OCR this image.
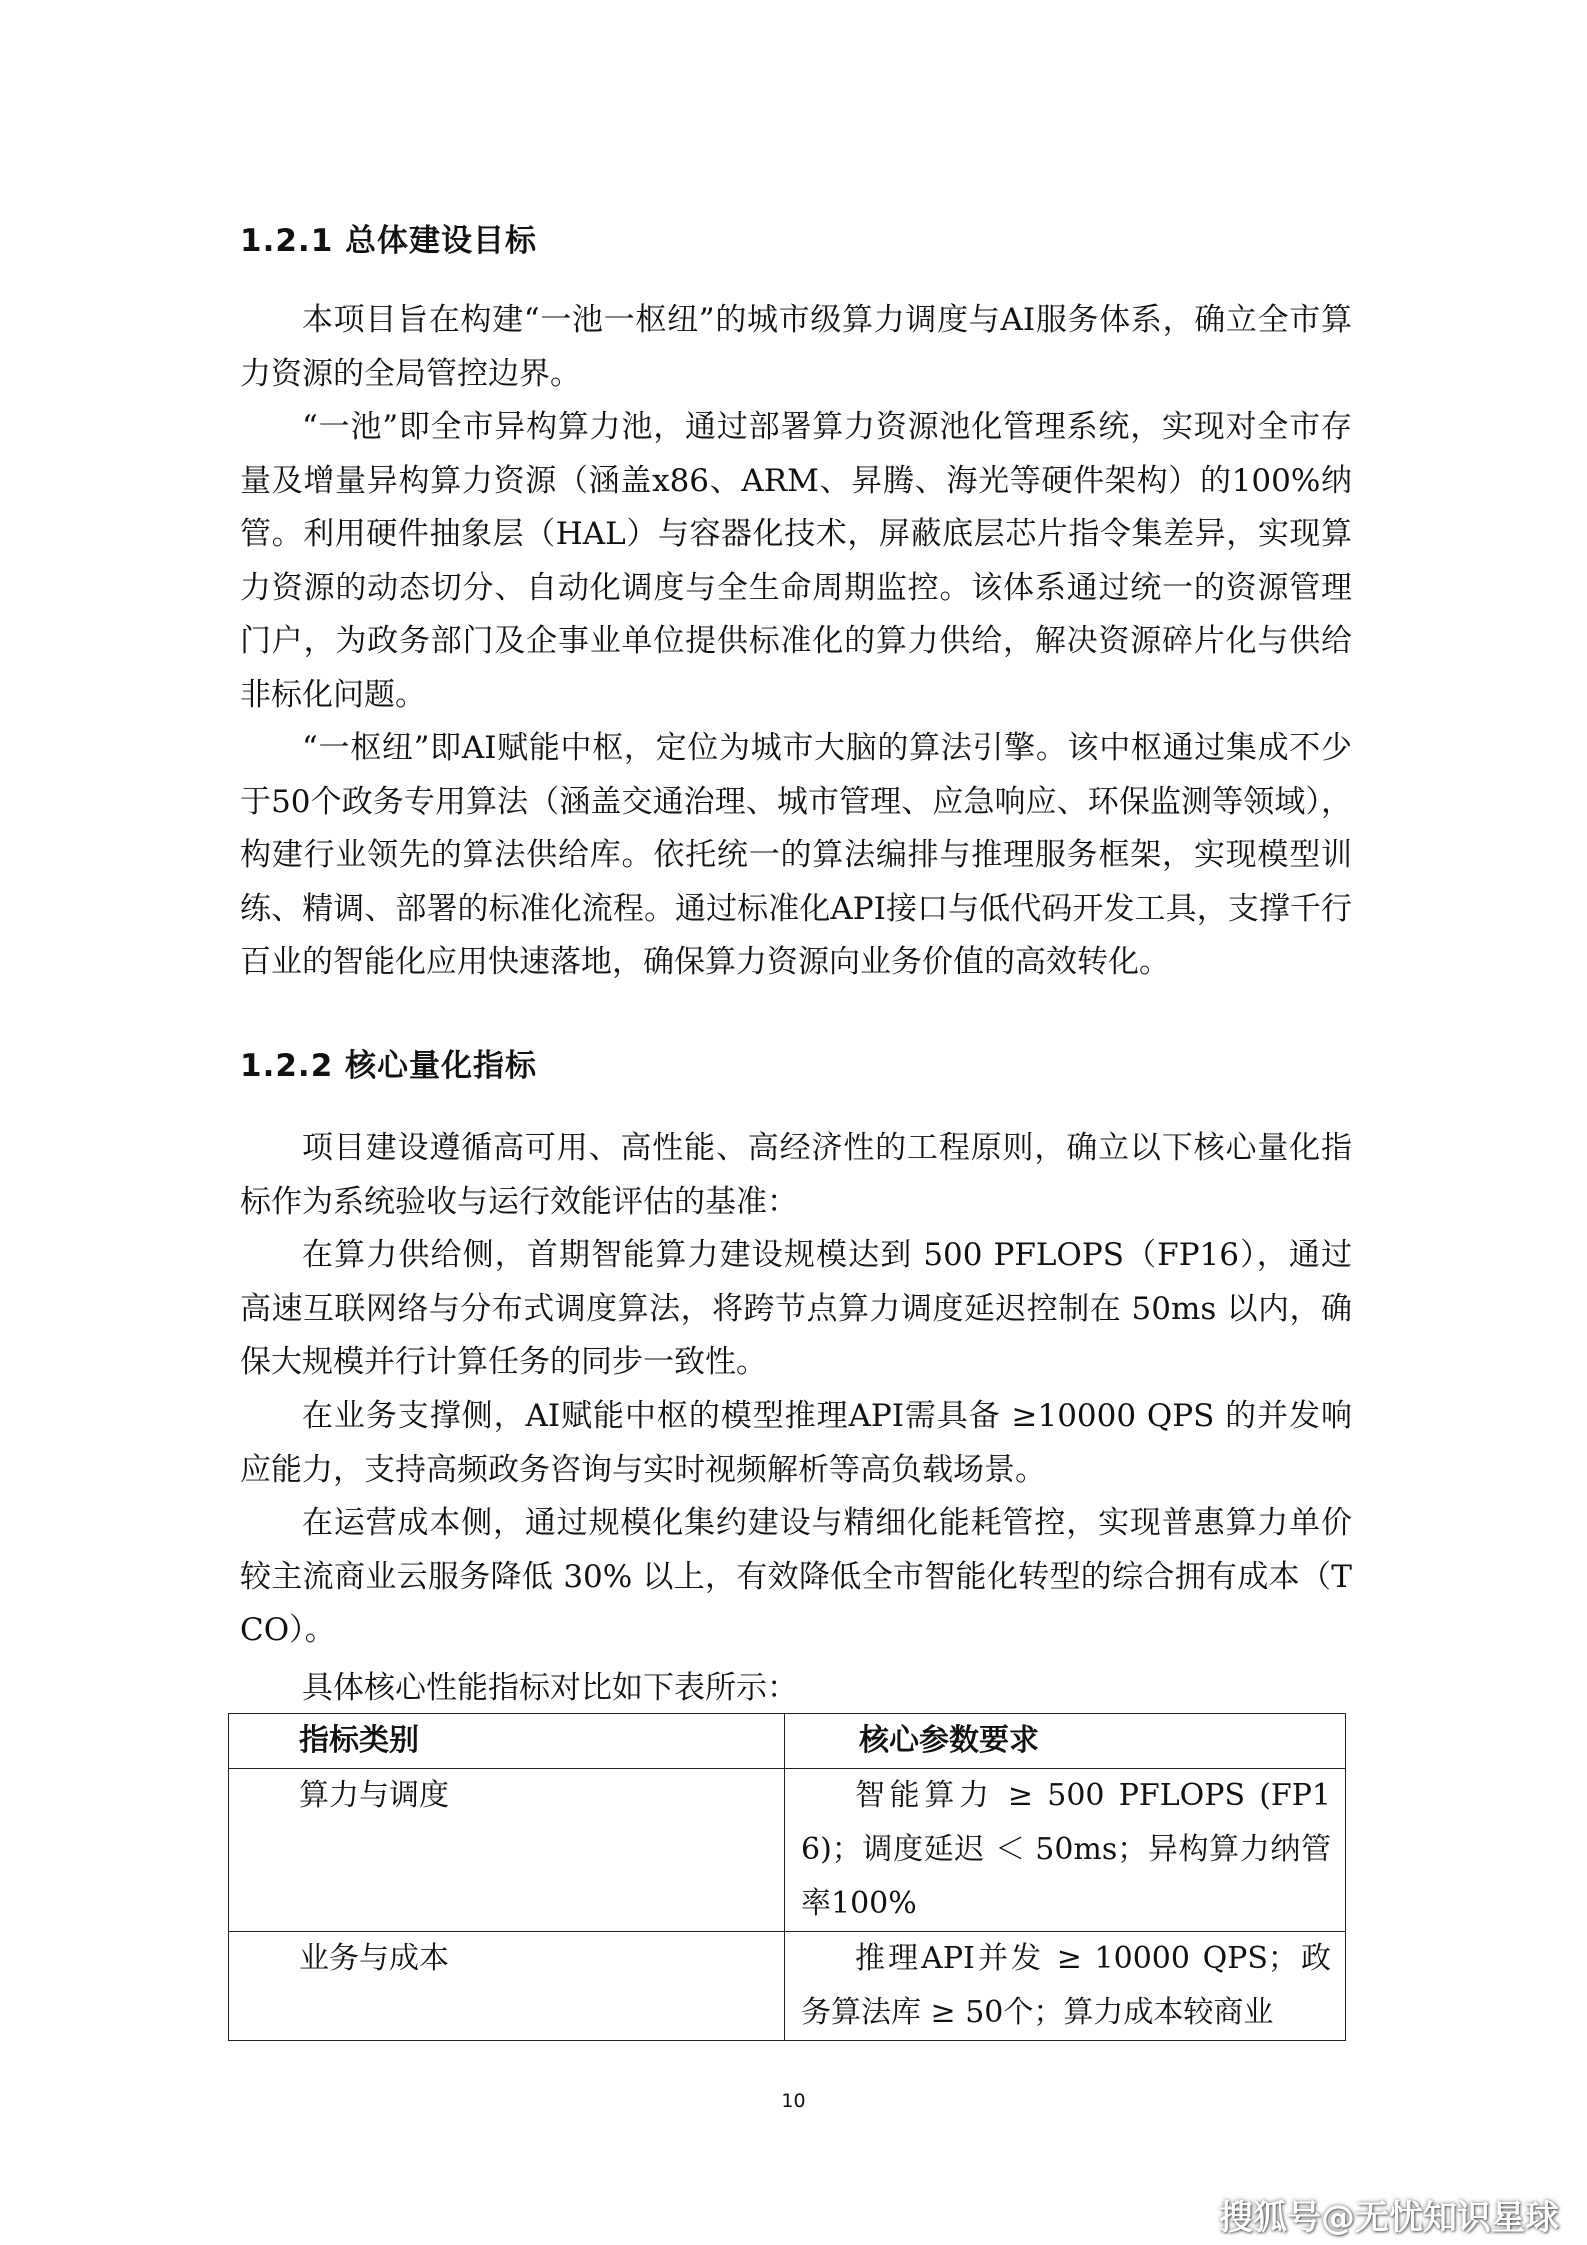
1.2.1 总体建设目标

本项目旨在构建“一池一枢纽”的城市级算力调度与AI服务体系，确立全市算力资源的全局管控边界。

“一池”即全市异构算力池，通过部署算力资源池化管理系统，实现对全市存量及增量异构算力资源（涵盖x86、ARM、昇腾、海光等硬件架构）的100%纳管。利用硬件抽象层（HAL）与容器化技术，屏蔽底层芯片指令集差异，实现算力资源的动态切分、自动化调度与全生命周期监控。该体系通过统一的资源管理门户，为政务部门及企事业单位提供标准化的算力供给，解决资源碎片化与供给非标化问题。

“一枢纽”即AI赋能中枢，定位为城市大脑的算法引擎。该中枢通过集成不少于50个政务专用算法（涵盖交通治理、城市管理、应急响应、环保监测等领域），构建行业领先的算法供给库。依托统一的算法编排与推理服务框架，实现模型训练、精调、部署的标准化流程。通过标准化API接口与低代码开发工具，支撑千行百业的智能化应用快速落地，确保算力资源向业务价值的高效转化。

1.2.2 核心量化指标

项目建设遵循高可用、高性能、高经济性的工程原则，确立以下核心量化指标作为系统验收与运行效能评估的基准：

在算力供给侧，首期智能算力建设规模达到 500 PFLOPS（FP16），通过高速互联网络与分布式调度算法，将跨节点算力调度延迟控制在 50ms 以内，确保大规模并行计算任务的同步一致性。

在业务支撑侧，AI赋能中枢的模型推理API需具备 ≥10000 QPS 的并发响应能力，支持高频政务咨询与实时视频解析等高负载场景。

在运营成本侧，通过规模化集约建设与精细化能耗管控，实现普惠算力单价较主流商业云服务降低 30% 以上，有效降低全市智能化转型的综合拥有成本（TCO）。

具体核心性能指标对比如下表所示：
指标类别	核心参数要求
算力与调度	智能算力 ≥ 500 PFLOPS (FP16)；调度延迟 ＜ 50ms；异构算力纳管率100%
业务与成本	推理API并发 ≥ 10000 QPS；政务算法库 ≥ 50个；算力成本较商业
10
搜狐号@无忧知识星球
